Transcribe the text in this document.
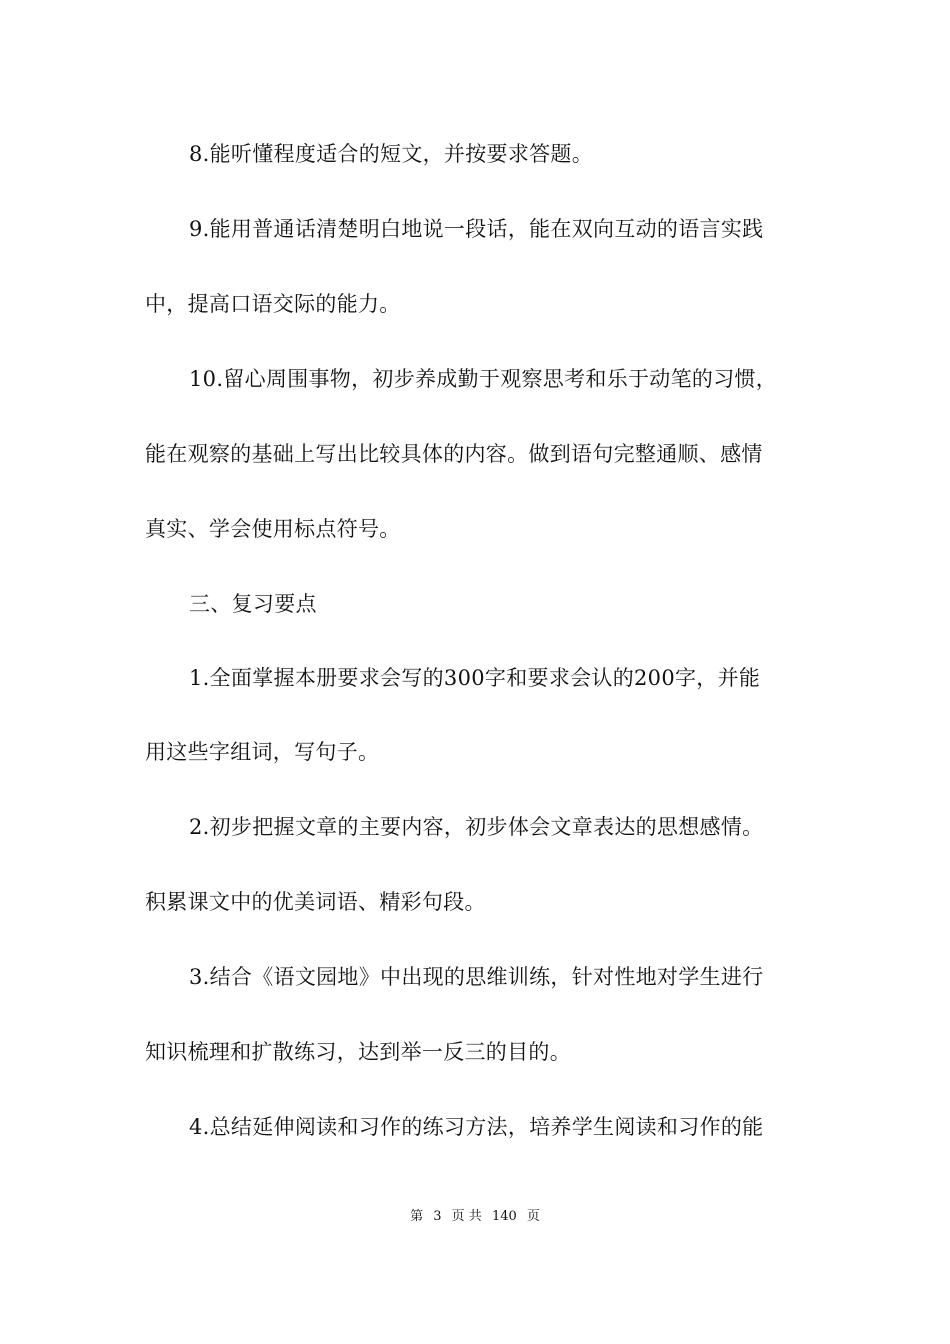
8.能听懂程度适合的短文，并按要求答题。
9.能用普通话清楚明白地说一段话，能在双向互动的语言实践
中，提高口语交际的能力。
10.留心周围事物，初步养成勤于观察思考和乐于动笔的习惯，
能在观察的基础上写出比较具体的内容。做到语句完整通顺、感情
真实、学会使用标点符号。
三、复习要点
1.全面掌握本册要求会写的300字和要求会认的200字，并能
用这些字组词，写句子。
2.初步把握文章的主要内容，初步体会文章表达的思想感情。
积累课文中的优美词语、精彩句段。
3.结合《语文园地》中出现的思维训练，针对性地对学生进行
知识梳理和扩散练习，达到举一反三的目的。
4.总结延伸阅读和习作的练习方法，培养学生阅读和习作的能
第 3 页 共 140 页
